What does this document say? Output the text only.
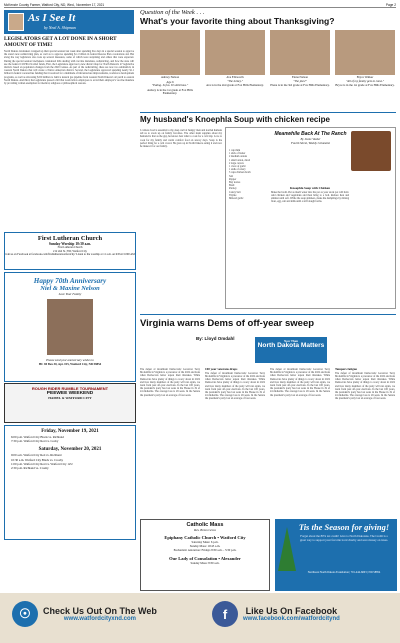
McKenzie County Farmer, Watford City, ND, Wed., November 17, 2021	Page 2
As I See It
by Neal A. Shipman
LEGISLATORS GET A LOT DONE IN A SHORT AMOUNT OF TIME!
North Dakota lawmakers wrapped up their special session last week after spending five days in a special session to approve the state's new redistricting plan, as well as to approve spending $1.1 billion in federal Rescue Plan coronavirus aid. But along the way legislators also took up several measures, some of which were surprising and others that were expected. During the special session lawmakers considered bills dealing with vaccine mandates, redistricting, and how the state will use the federal COVID-19 relief funds. First, the Legislature approved a new district map for North Dakota's 47 legislative districts based on population changes from the 2020 Census. As part of the redistricting, there are now two subdistricts in western North Dakota that will create a Native American district. Second, the Legislature approved spending nearly $1.1 billion in federal coronavirus funding that it received for a multitude of infrastructure improvements, workforce development programs, as well as allocating $150 million to build a natural gas pipeline from western North Dakota's oil patch to eastern North Dakota. And third, the Legislature passed a bill that would allow employees to avoid their employer's vaccine mandate by providing written exemption for medical, religious or philosophical reasons.
First Lutheran Church
Sunday Worship 10:30 a.m.
First Lutheran Church
212 2nd St. NW, Watford City
Join us on Facebook at facebook.com/firstlutheranwatfordcity/ Listen to the worship at 11 a.m. on KTGO 1090 AM
Happy 70th Anniversary
Niel & Maxine Nelson
Love Your Family
Please send your anniversary wishes to
HC 69 Box 30, Apt. #15, Watford City, ND 58854
ROUGH RIDER RUMBLE TOURNAMENT
PEEWEE WEEKEND
HAMEL & WATFORD CITY
Friday, November 19, 2021
6:00 p.m. Watford City Black vs. Richland
7:30 p.m. Watford City Red vs. Cosby
Saturday, November 20, 2021
9:00 a.m. Watford City Red vs. Richland
10:30 a.m. Watford City Black vs. Crosby
1:00 p.m. Watford City Red vs. Watford City 12U
2:30 p.m. Richland vs. Crosby
Question of the Week . . .
What's your favorite thing about Thanksgiving?
Aubrey Nelson
Age 6
"Eating. Is fun. It's delicious."
Aubrey is in the 1st grade at Fox Hills Elementary.
Ava Ellsworth
"The turkey."
Ava is in the 2nd grade at Fox Hills Elementary.
Elena Nelson
"The pies!"
Elena is in the 3rd grade at Fox Hills Elementary.
Bryce Walker
"All of my family gets to come."
Bryce is in the 1st grade at Fox Hills Elementary.
My husband's Knoephla Soup with chicken recipe
I confess food is essential to my deep well of hungry men and normal humans tell us to stock up on family favorites. The other main supplies about my husband is that as the guy, he knows best what to cook for a cold day. Love to cook for my family and warm comfort food on snowy days. Soup is the perfect thing for a cold crowd. He grew up in North Dakota eating it and now he makes it for our family.
Meanwhile Back At The Ranch
By Jessie Veeder
Fourth Street, Weekly Columnist
1 cup milk
1 stick of butter
2 medium onions
1 small onion, diced
2 large carrots
1 clove of garlic
1 stalk of celery
3 cups chicken broth
Salt
Pepper
Bay leaves
Basil
Parsley
Celery Salt
Thyme
Minced garlic
Knoephla Soup with Chicken
Make the broth. Put as much water into the pot as your stock pot will hold. Add chicken and vegetables and then bring to a boil. Reduce heat and simmer until soft. While the soup simmers, make the dumplings by mixing flour, egg, salt and milk until a stiff dough forms.
Virginia warns Dems of off-year sweep
By: Lloyd Omdahl	Now Then
North Dakota Matters
The defeat of incumbent Democratic Governor Terry McAuliffe in Virginia is a precursor of the 2022 elections when Democrats better repeat their mistakes. While Democrats have plenty of things to worry about in 2022 and how many members of the party will run again, we learn from past off-year elections. In the last 100 years, the president's party has lost seats in the House in 19 of 24 midterms. The average loss is 26 seats. In the Senate the president's party lost an average of four seats.
100 year veterans drops
The defeat of incumbent Democratic Governor Terry McAuliffe in Virginia is a precursor of the 2022 elections when Democrats better repeat their mistakes. While Democrats have plenty of things to worry about in 2022 and how many members of the party will run again, we learn from past off-year elections. In the last 100 years, the president's party has lost seats in the House in 19 of 24 midterms. The average loss is 26 seats. In the Senate the president's party lost an average of four seats.
The defeat of incumbent Democratic Governor Terry McAuliffe in Virginia is a precursor of the 2022 elections when Democrats better repeat their mistakes. While Democrats have plenty of things to worry about in 2022 and how many members of the party will run again, we learn from past off-year elections. In the last 100 years, the president's party has lost seats in the House in 19 of 24 midterms. The average loss is 26 seats. In the Senate the president's party lost an average of four seats.
Tempers fatigue
The defeat of incumbent Democratic Governor Terry McAuliffe in Virginia is a precursor of the 2022 elections when Democrats better repeat their mistakes. While Democrats have plenty of things to worry about in 2022 and how many members of the party will run again, we learn from past off-year elections. In the last 100 years, the president's party has lost seats in the House in 19 of 24 midterms. The average loss is 26 seats. In the Senate the president's party lost an average of four seats.
Catholic Mass
Rev. Brian Gross
Epiphany Catholic Church • Watford City
Saturday Mass: 6 p.m.
Sunday Mass: 10:45 a.m.
Eucharistic Adoration: Fridays 8:30 a.m. - 5:30 p.m.
Our Lady of Consolation • Alexander
Sunday Mass: 8:30 a.m.
Tis the Season for giving!
Forget about the 80% tax credit! Give to North Dakotans. The Credit is a great way to support your favorite local charity and save money on taxes.
Northwest North Dakota Foundation | 701-444-6003 | ND 58854
☉	Check Us Out On The Web
www.watfordcityxnd.com	f	Like Us On Facebook
www.facebook.com/watfordcitynd
